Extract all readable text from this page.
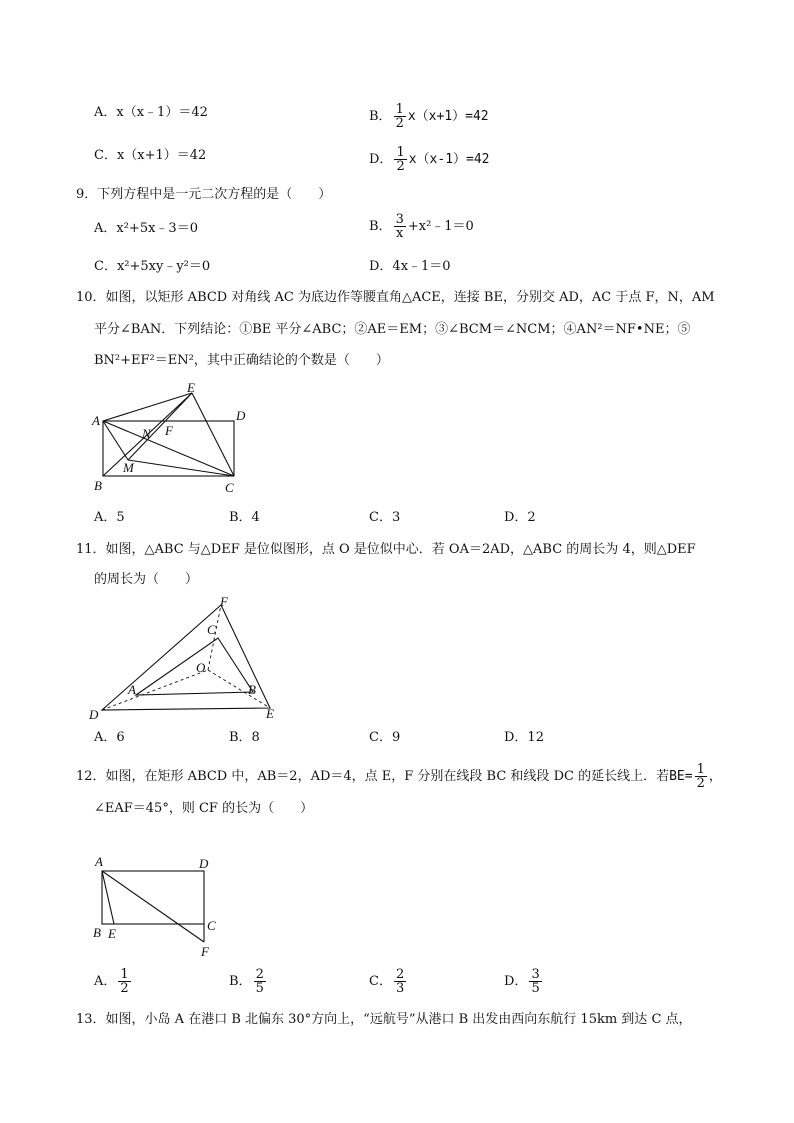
A．x（x﹣1）＝42	B． $\frac{1}{2} x(x+1)=42$
C．x（x+1）＝42	D． $\frac{1}{2} x(x-1)=42$
9．下列方程中是一元二次方程的是（　　）
A．x²+5x﹣3＝0	B． $\frac{3}{x}$ +x²﹣1＝0
C．x²+5xy﹣y²＝0	D．4x﹣1＝0
10．如图，以矩形 ABCD 对角线 AC 为底边作等腰直角△ACE，连接 BE，分别交 AD，AC 于点 F，N，AM
平分∠BAN．下列结论：①BE 平分∠ABC；②AE＝EM；③∠BCM＝∠NCM；④AN²＝NF•NE；⑤
BN²+EF²＝EN²，其中正确结论的个数是（　　）
A
B	C
D
E
F
N
M
A．5	B．4	C．3	D．2
11．如图，△ABC 与△DEF 是位似图形，点 O 是位似中心．若 OA＝2AD，△ABC 的周长为 4，则△DEF
的周长为（　　）
D
A	B
C
O
E
F
A．6	B．8	C．9	D．12
12．如图，在矩形 ABCD 中，AB＝2，AD＝4，点 E，F 分别在线段 BC 和线段 DC 的延长线上．若$BE= \frac{1}{2}$ ，
∠EAF＝45°，则 CF 的长为（　　）
A	D
B E
C
F
A． $\frac{1}{2}$	B． $\frac{2}{5}$	C． $\frac{2}{3}$	D． $\frac{3}{5}$
13．如图，小岛 A 在港口 B 北偏东 30°方向上，“远航号”从港口 B 出发由西向东航行 15km 到达 C 点，
